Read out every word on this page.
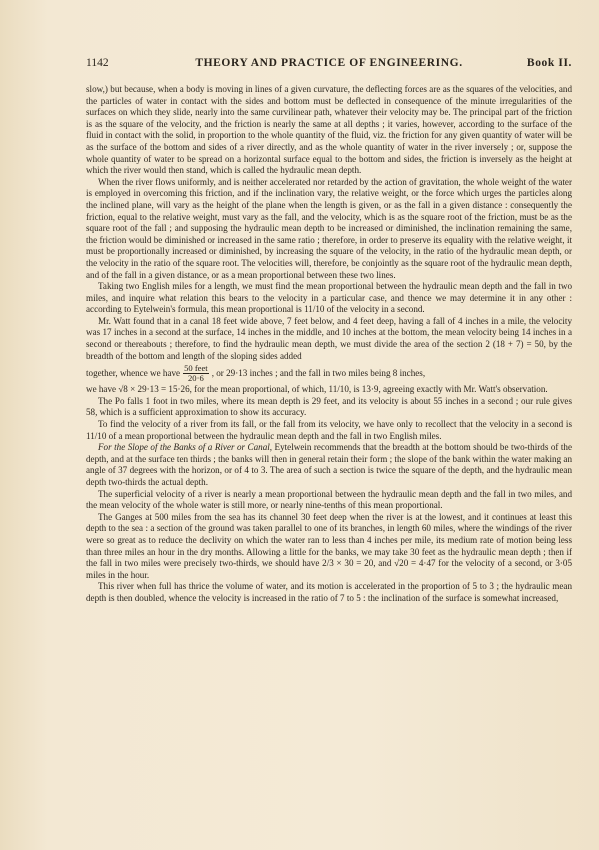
1142	THEORY AND PRACTICE OF ENGINEERING.	Book II.

slow,) but because, when a body is moving in lines of a given curvature, the deflecting forces are as the squares of the velocities, and the particles of water in contact with the sides and bottom must be deflected in consequence of the minute irregularities of the surfaces on which they slide, nearly into the same curvilinear path, whatever their velocity may be. The principal part of the friction is as the square of the velocity, and the friction is nearly the same at all depths ; it varies, however, according to the surface of the fluid in contact with the solid, in proportion to the whole quantity of the fluid, viz. the friction for any given quantity of water will be as the surface of the bottom and sides of a river directly, and as the whole quantity of water in the river inversely ; or, suppose the whole quantity of water to be spread on a horizontal surface equal to the bottom and sides, the friction is inversely as the height at which the river would then stand, which is called the hydraulic mean depth.

When the river flows uniformly, and is neither accelerated nor retarded by the action of gravitation, the whole weight of the water is employed in overcoming this friction, and if the inclination vary, the relative weight, or the force which urges the particles along the inclined plane, will vary as the height of the plane when the length is given, or as the fall in a given distance : consequently the friction, equal to the relative weight, must vary as the fall, and the velocity, which is as the square root of the friction, must be as the square root of the fall ; and supposing the hydraulic mean depth to be increased or diminished, the inclination remaining the same, the friction would be diminished or increased in the same ratio ; therefore, in order to preserve its equality with the relative weight, it must be proportionally increased or diminished, by increasing the square of the velocity, in the ratio of the hydraulic mean depth, or the velocity in the ratio of the square root. The velocities will, therefore, be conjointly as the square root of the hydraulic mean depth, and of the fall in a given distance, or as a mean proportional between these two lines.

Taking two English miles for a length, we must find the mean proportional between the hydraulic mean depth and the fall in two miles, and inquire what relation this bears to the velocity in a particular case, and thence we may determine it in any other : according to Eytelwein's formula, this mean proportional is 11/10 of the velocity in a second.

Mr. Watt found that in a canal 18 feet wide above, 7 feet below, and 4 feet deep, having a fall of 4 inches in a mile, the velocity was 17 inches in a second at the surface, 14 inches in the middle, and 10 inches at the bottom, the mean velocity being 14 inches in a second or thereabouts ; therefore, to find the hydraulic mean depth, we must divide the area of the section 2 (18 + 7) = 50, by the breadth of the bottom and length of the sloping sides added

together, whence we have $\frac{\text{50 feet}}{20\cdot 6}$ , or 29·13 inches ; and the fall in two miles being 8 inches,

we have √8 × 29·13 = 15·26, for the mean proportional, of which, 11/10, is 13·9, agreeing exactly with Mr. Watt's observation.

The Po falls 1 foot in two miles, where its mean depth is 29 feet, and its velocity is about 55 inches in a second ; our rule gives 58, which is a sufficient approximation to show its accuracy.

To find the velocity of a river from its fall, or the fall from its velocity, we have only to recollect that the velocity in a second is 11/10 of a mean proportional between the hydraulic mean depth and the fall in two English miles.

For the Slope of the Banks of a River or Canal, Eytelwein recommends that the breadth at the bottom should be two-thirds of the depth, and at the surface ten thirds ; the banks will then in general retain their form ; the slope of the bank within the water making an angle of 37 degrees with the horizon, or of 4 to 3. The area of such a section is twice the square of the depth, and the hydraulic mean depth two-thirds the actual depth.

The superficial velocity of a river is nearly a mean proportional between the hydraulic mean depth and the fall in two miles, and the mean velocity of the whole water is still more, or nearly nine-tenths of this mean proportional.

The Ganges at 500 miles from the sea has its channel 30 feet deep when the river is at the lowest, and it continues at least this depth to the sea : a section of the ground was taken parallel to one of its branches, in length 60 miles, where the windings of the river were so great as to reduce the declivity on which the water ran to less than 4 inches per mile, its medium rate of motion being less than three miles an hour in the dry months. Allowing a little for the banks, we may take 30 feet as the hydraulic mean depth ; then if the fall in two miles were precisely two-thirds, we should have 2/3 × 30 = 20, and √20 = 4·47 for the velocity of a second, or 3·05 miles in the hour.

This river when full has thrice the volume of water, and its motion is accelerated in the proportion of 5 to 3 ; the hydraulic mean depth is then doubled, whence the velocity is increased in the ratio of 7 to 5 : the inclination of the surface is somewhat increased,
